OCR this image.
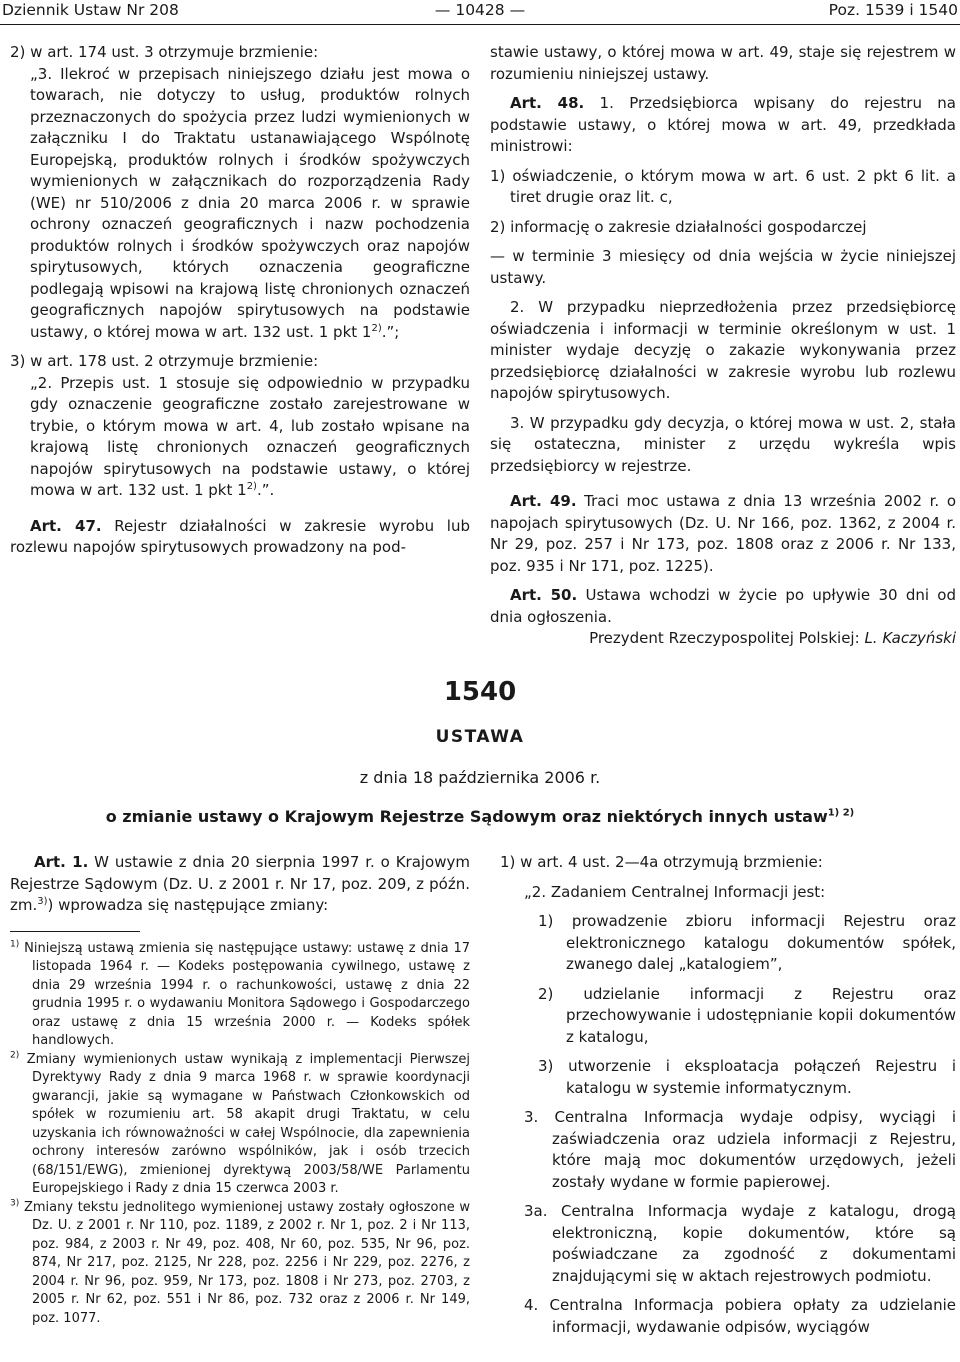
Dziennik Ustaw Nr 208	— 10428 —	Poz. 1539 i 1540

2) w art. 174 ust. 3 otrzymuje brzmienie:

„3. Ilekroć w przepisach niniejszego działu jest mowa o towarach, nie dotyczy to usług, produktów rolnych przeznaczonych do spożycia przez ludzi wymienionych w załączniku I do Traktatu ustanawiającego Wspólnotę Europejską, produktów rolnych i środków spożywczych wymienionych w załącznikach do rozporządzenia Rady (WE) nr 510/2006 z dnia 20 marca 2006 r. w sprawie ochrony oznaczeń geograficznych i nazw pochodzenia produktów rolnych i środków spożywczych oraz napojów spirytusowych, których oznaczenia geograficzne podlegają wpisowi na krajową listę chronionych oznaczeń geograficznych napojów spirytusowych na podstawie ustawy, o której mowa w art. 132 ust. 1 pkt 1$^{2)}$.”;

3) w art. 178 ust. 2 otrzymuje brzmienie:

„2. Przepis ust. 1 stosuje się odpowiednio w przypadku gdy oznaczenie geograficzne zostało zarejestrowane w trybie, o którym mowa w art. 4, lub zostało wpisane na krajową listę chronionych oznaczeń geograficznych napojów spirytusowych na podstawie ustawy, o której mowa w art. 132 ust. 1 pkt 1$^{2)}$.”.

Art. 47. Rejestr działalności w zakresie wyrobu lub rozlewu napojów spirytusowych prowadzony na pod-

stawie ustawy, o której mowa w art. 49, staje się rejestrem w rozumieniu niniejszej ustawy.

Art. 48. 1. Przedsiębiorca wpisany do rejestru na podstawie ustawy, o której mowa w art. 49, przedkłada ministrowi:

1) oświadczenie, o którym mowa w art. 6 ust. 2 pkt 6 lit. a tiret drugie oraz lit. c,

2) informację o zakresie działalności gospodarczej

— w terminie 3 miesięcy od dnia wejścia w życie niniejszej ustawy.

2. W przypadku nieprzedłożenia przez przedsiębiorcę oświadczenia i informacji w terminie określonym w ust. 1 minister wydaje decyzję o zakazie wykonywania przez przedsiębiorcę działalności w zakresie wyrobu lub rozlewu napojów spirytusowych.

3. W przypadku gdy decyzja, o której mowa w ust. 2, stała się ostateczna, minister z urzędu wykreśla wpis przedsiębiorcy w rejestrze.

Art. 49. Traci moc ustawa z dnia 13 września 2002 r. o napojach spirytusowych (Dz. U. Nr 166, poz. 1362, z 2004 r. Nr 29, poz. 257 i Nr 173, poz. 1808 oraz z 2006 r. Nr 133, poz. 935 i Nr 171, poz. 1225).

Art. 50. Ustawa wchodzi w życie po upływie 30 dni od dnia ogłoszenia.

Prezydent Rzeczypospolitej Polskiej: L. Kaczyński

1540
USTAWA
z dnia 18 października 2006 r.
o zmianie ustawy o Krajowym Rejestrze Sądowym oraz niektórych innych ustaw$^{1) 2)}$

Art. 1. W ustawie z dnia 20 sierpnia 1997 r. o Krajowym Rejestrze Sądowym (Dz. U. z 2001 r. Nr 17, poz. 209, z późn. zm.$^{3)}$) wprowadza się następujące zmiany:

$^{1)}$ Niniejszą ustawą zmienia się następujące ustawy: ustawę z dnia 17 listopada 1964 r. — Kodeks postępowania cywilnego, ustawę z dnia 29 września 1994 r. o rachunkowości, ustawę z dnia 22 grudnia 1995 r. o wydawaniu Monitora Sądowego i Gospodarczego oraz ustawę z dnia 15 września 2000 r. — Kodeks spółek handlowych.

$^{2)}$ Zmiany wymienionych ustaw wynikają z implementacji Pierwszej Dyrektywy Rady z dnia 9 marca 1968 r. w sprawie koordynacji gwarancji, jakie są wymagane w Państwach Członkowskich od spółek w rozumieniu art. 58 akapit drugi Traktatu, w celu uzyskania ich równoważności w całej Wspólnocie, dla zapewnienia ochrony interesów zarówno wspólników, jak i osób trzecich (68/151/EWG), zmienionej dyrektywą 2003/58/WE Parlamentu Europejskiego i Rady z dnia 15 czerwca 2003 r.

$^{3)}$ Zmiany tekstu jednolitego wymienionej ustawy zostały ogłoszone w Dz. U. z 2001 r. Nr 110, poz. 1189, z 2002 r. Nr 1, poz. 2 i Nr 113, poz. 984, z 2003 r. Nr 49, poz. 408, Nr 60, poz. 535, Nr 96, poz. 874, Nr 217, poz. 2125, Nr 228, poz. 2256 i Nr 229, poz. 2276, z 2004 r. Nr 96, poz. 959, Nr 173, poz. 1808 i Nr 273, poz. 2703, z 2005 r. Nr 62, poz. 551 i Nr 86, poz. 732 oraz z 2006 r. Nr 149, poz. 1077.

1) w art. 4 ust. 2—4a otrzymują brzmienie:

„2. Zadaniem Centralnej Informacji jest:

1) prowadzenie zbioru informacji Rejestru oraz elektronicznego katalogu dokumentów spółek, zwanego dalej „katalogiem”,

2) udzielanie informacji z Rejestru oraz przechowywanie i udostępnianie kopii dokumentów z katalogu,

3) utworzenie i eksploatacja połączeń Rejestru i katalogu w systemie informatycznym.

3. Centralna Informacja wydaje odpisy, wyciągi i zaświadczenia oraz udziela informacji z Rejestru, które mają moc dokumentów urzędowych, jeżeli zostały wydane w formie papierowej.

3a. Centralna Informacja wydaje z katalogu, drogą elektroniczną, kopie dokumentów, które są poświadczane za zgodność z dokumentami znajdującymi się w aktach rejestrowych podmiotu.

4. Centralna Informacja pobiera opłaty za udzielanie informacji, wydawanie odpisów, wyciągów
